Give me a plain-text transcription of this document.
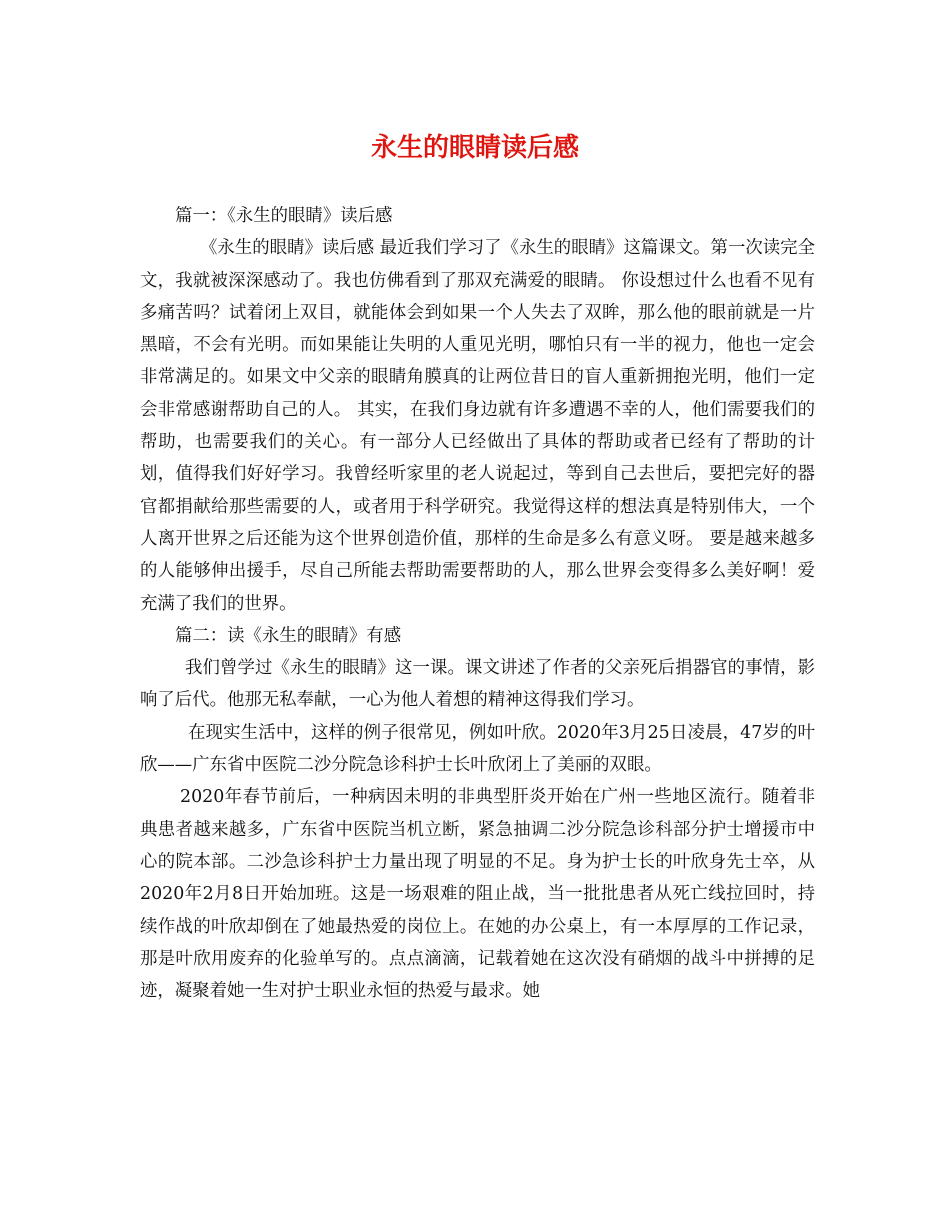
永生的眼睛读后感

篇一：《永生的眼睛》读后感

《永生的眼睛》读后感 最近我们学习了《永生的眼睛》这篇课文。第一次读完全文，我就被深深感动了。我也仿佛看到了那双充满爱的眼睛。 你设想过什么也看不见有多痛苦吗？试着闭上双目，就能体会到如果一个人失去了双眸，那么他的眼前就是一片黑暗，不会有光明。而如果能让失明的人重见光明，哪怕只有一半的视力，他也一定会非常满足的。如果文中父亲的眼睛角膜真的让两位昔日的盲人重新拥抱光明，他们一定会非常感谢帮助自己的人。 其实，在我们身边就有许多遭遇不幸的人，他们需要我们的帮助，也需要我们的关心。有一部分人已经做出了具体的帮助或者已经有了帮助的计划，值得我们好好学习。我曾经听家里的老人说起过，等到自己去世后，要把完好的器官都捐献给那些需要的人，或者用于科学研究。我觉得这样的想法真是特别伟大，一个人离开世界之后还能为这个世界创造价值，那样的生命是多么有意义呀。 要是越来越多的人能够伸出援手，尽自己所能去帮助需要帮助的人，那么世界会变得多么美好啊！爱充满了我们的世界。

篇二：读《永生的眼睛》有感

我们曾学过《永生的眼睛》这一课。课文讲述了作者的父亲死后捐器官的事情，影响了后代。他那无私奉献，一心为他人着想的精神这得我们学习。

在现实生活中，这样的例子很常见，例如叶欣。2020年3月25日凌晨，47岁的叶欣——广东省中医院二沙分院急诊科护士长叶欣闭上了美丽的双眼。

2020年春节前后，一种病因未明的非典型肝炎开始在广州一些地区流行。随着非典患者越来越多，广东省中医院当机立断，紧急抽调二沙分院急诊科部分护士增援市中心的院本部。二沙急诊科护士力量出现了明显的不足。身为护士长的叶欣身先士卒，从2020年2月8日开始加班。这是一场艰难的阻止战，当一批批患者从死亡线拉回时，持续作战的叶欣却倒在了她最热爱的岗位上。在她的办公桌上，有一本厚厚的工作记录，那是叶欣用废弃的化验单写的。点点滴滴，记载着她在这次没有硝烟的战斗中拼搏的足迹，凝聚着她一生对护士职业永恒的热爱与最求。她
